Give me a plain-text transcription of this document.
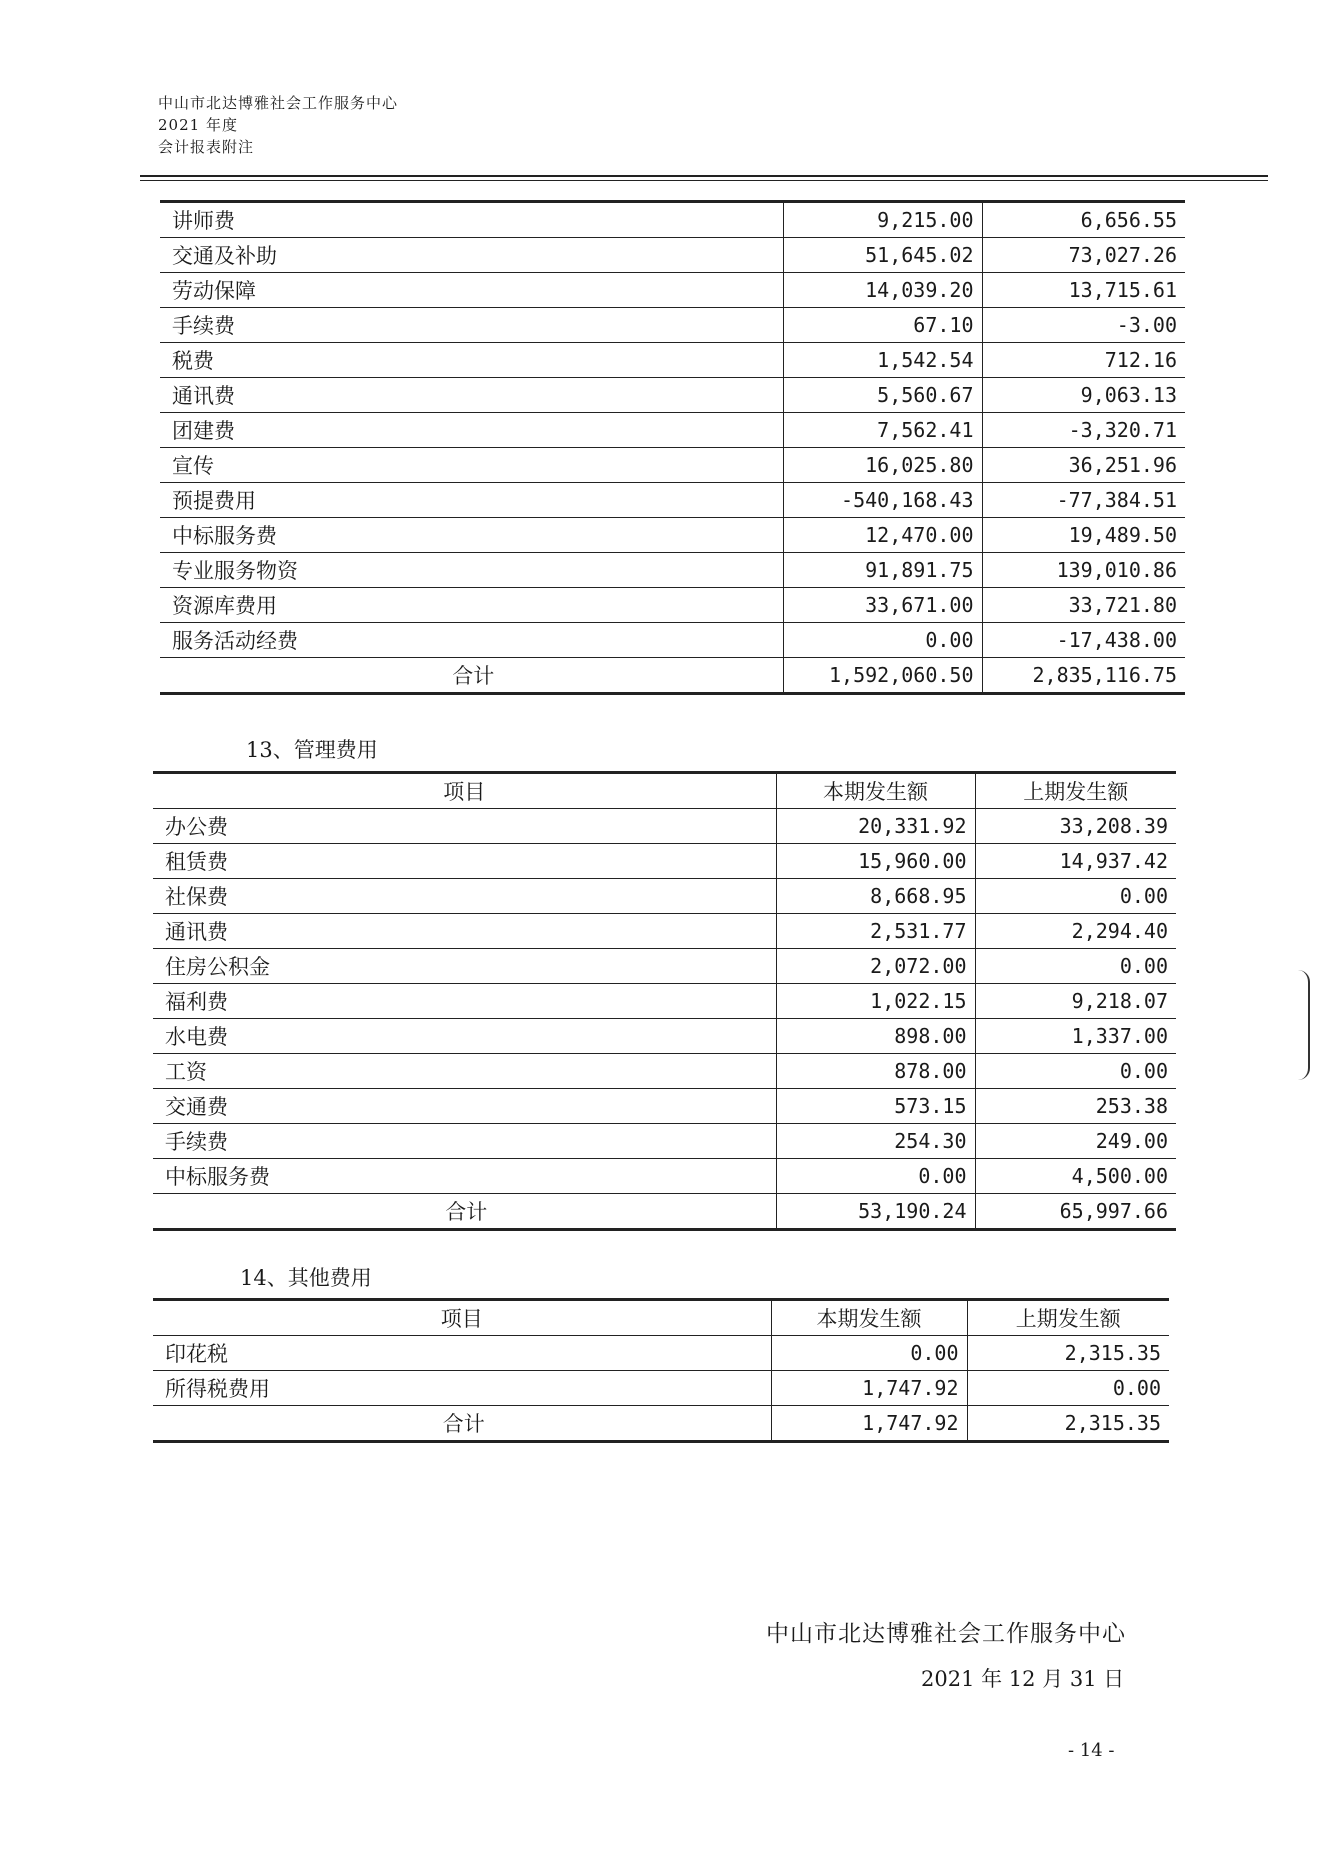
中山市北达博雅社会工作服务中心
2021 年度
会计报表附注
讲师费	9,215.00	6,656.55
交通及补助	51,645.02	73,027.26
劳动保障	14,039.20	13,715.61
手续费	67.10	-3.00
税费	1,542.54	712.16
通讯费	5,560.67	9,063.13
团建费	7,562.41	-3,320.71
宣传	16,025.80	36,251.96
预提费用	-540,168.43	-77,384.51
中标服务费	12,470.00	19,489.50
专业服务物资	91,891.75	139,010.86
资源库费用	33,671.00	33,721.80
服务活动经费	0.00	-17,438.00
合计	1,592,060.50	2,835,116.75
13、管理费用
项目	本期发生额	上期发生额
办公费	20,331.92	33,208.39
租赁费	15,960.00	14,937.42
社保费	8,668.95	0.00
通讯费	2,531.77	2,294.40
住房公积金	2,072.00	0.00
福利费	1,022.15	9,218.07
水电费	898.00	1,337.00
工资	878.00	0.00
交通费	573.15	253.38
手续费	254.30	249.00
中标服务费	0.00	4,500.00
合计	53,190.24	65,997.66
14、其他费用
项目	本期发生额	上期发生额
印花税	0.00	2,315.35
所得税费用	1,747.92	0.00
合计	1,747.92	2,315.35
中山市北达博雅社会工作服务中心
2021 年 12 月 31 日
- 14 -
